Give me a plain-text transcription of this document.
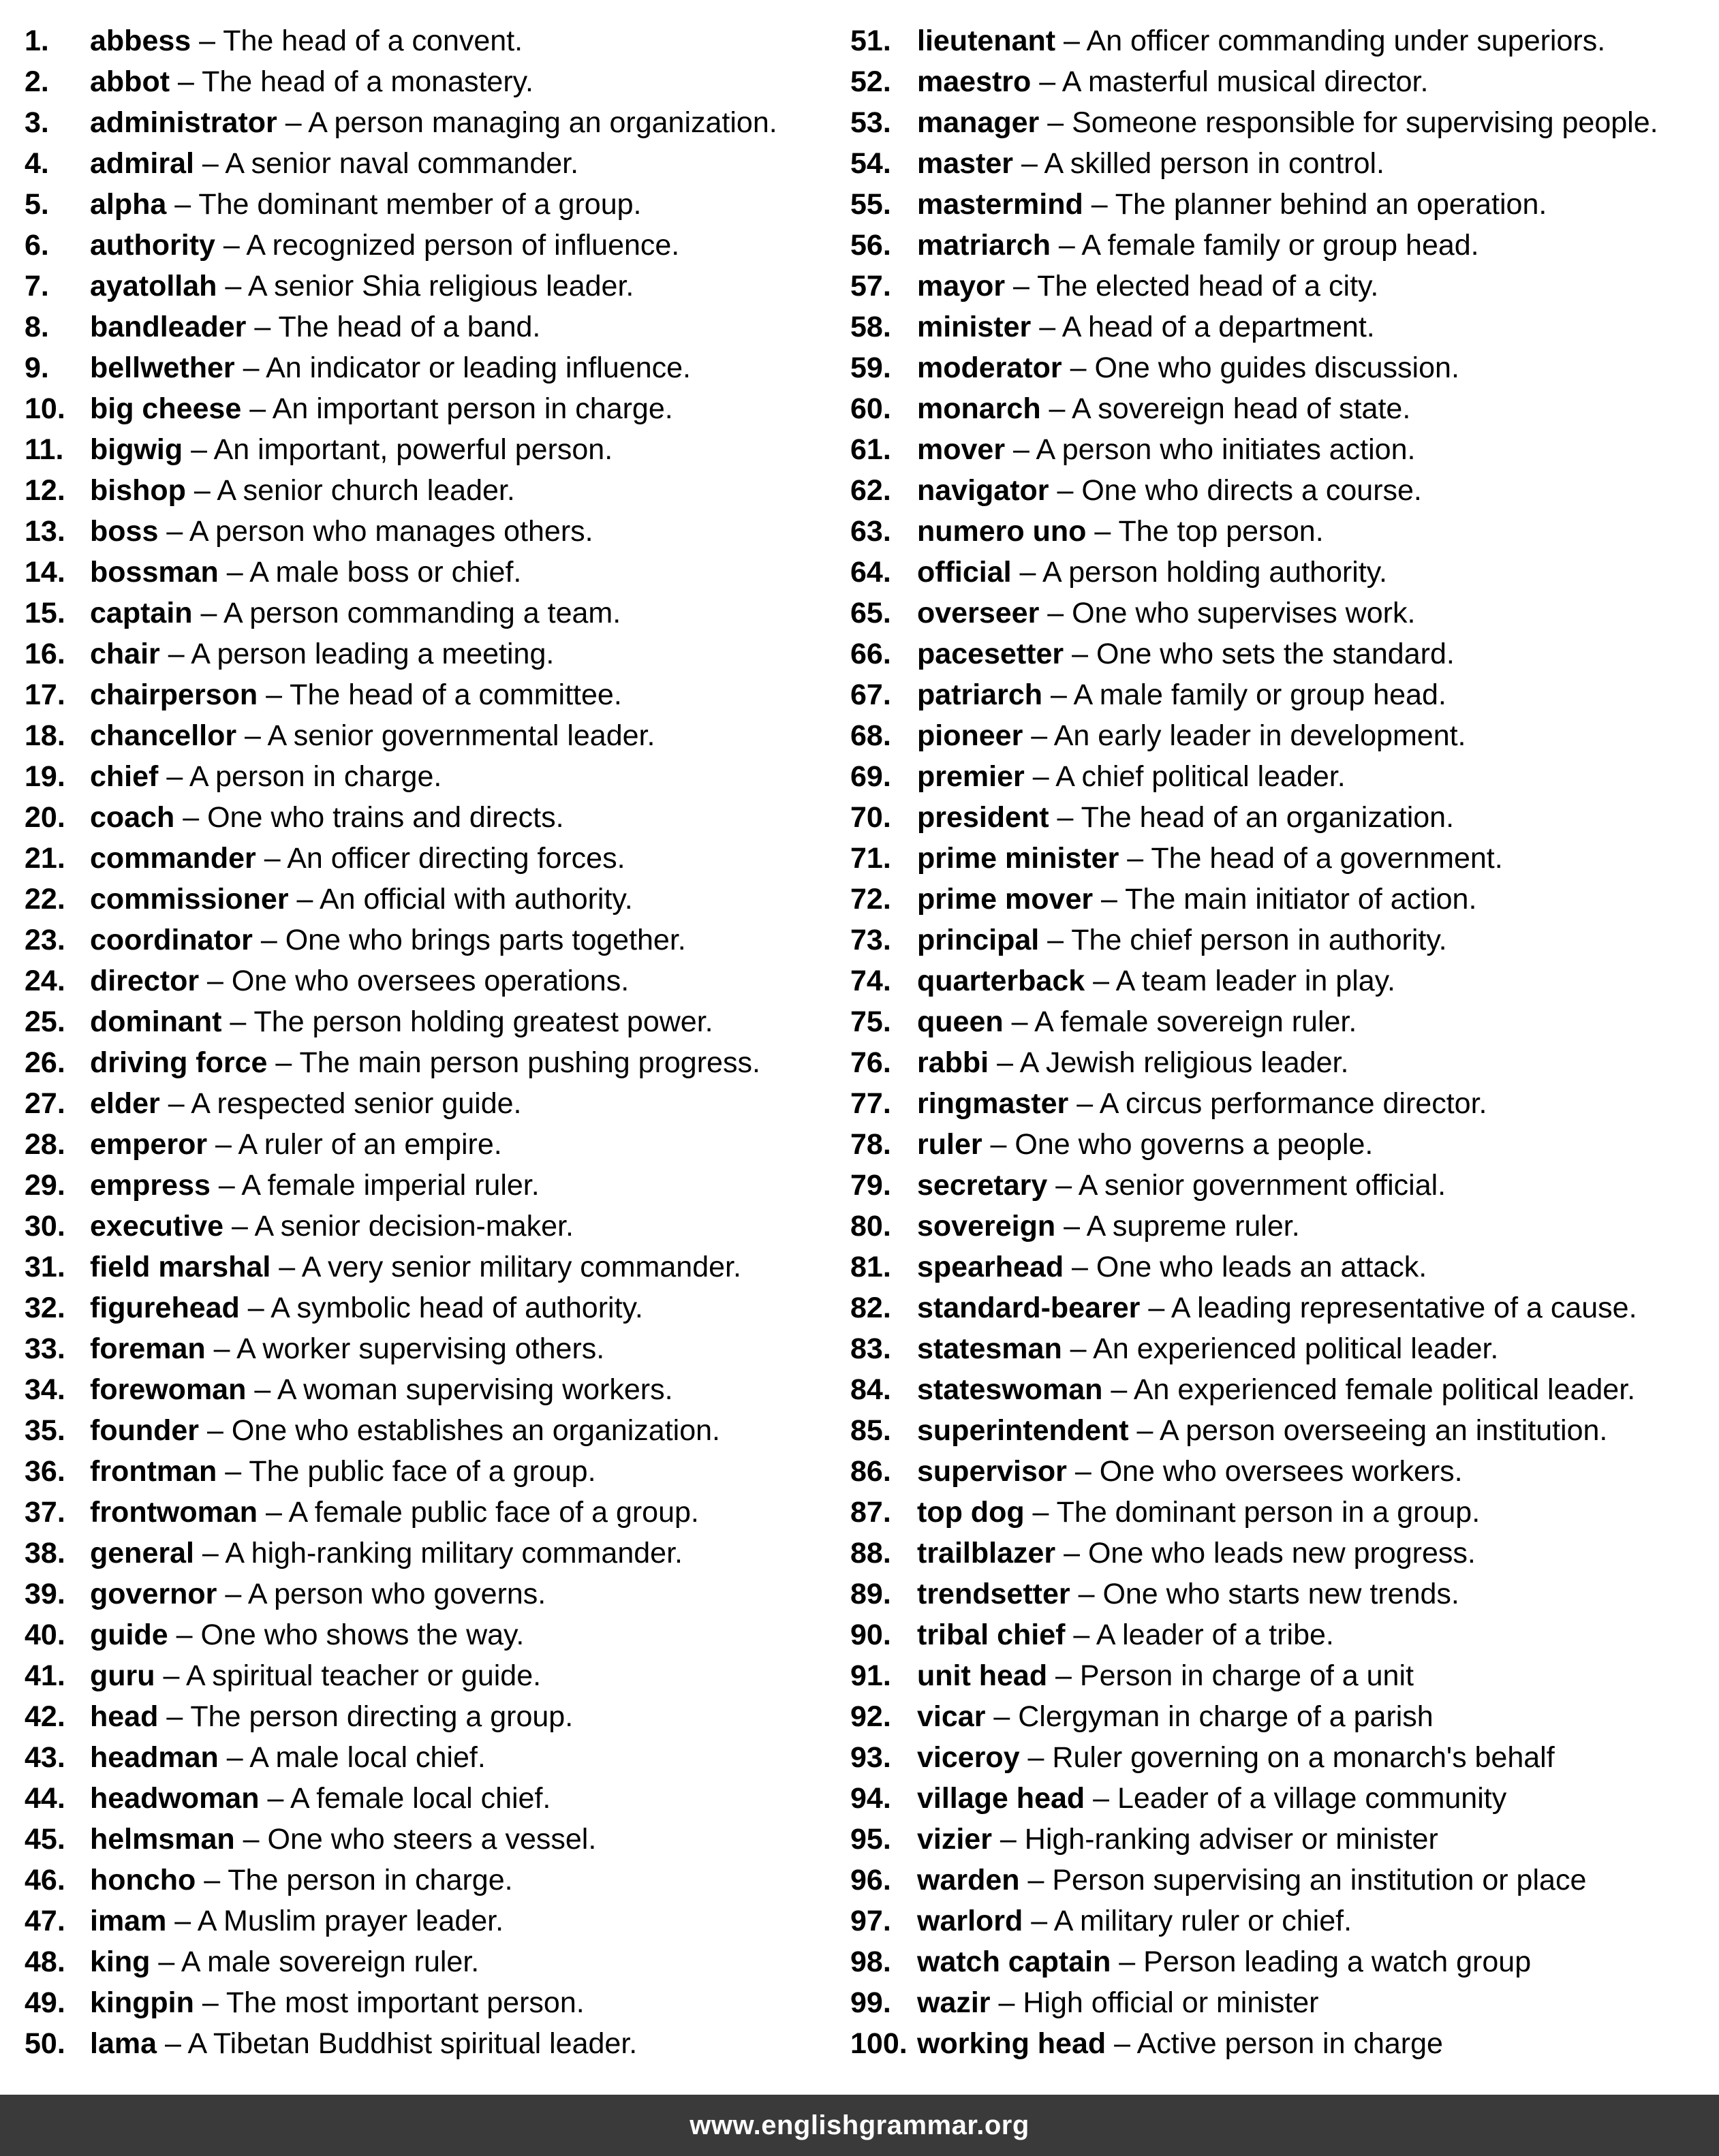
1. abbess – The head of a convent.
2. abbot – The head of a monastery.
3. administrator – A person managing an organization.
4. admiral – A senior naval commander.
5. alpha – The dominant member of a group.
6. authority – A recognized person of influence.
7. ayatollah – A senior Shia religious leader.
8. bandleader – The head of a band.
9. bellwether – An indicator or leading influence.
10. big cheese – An important person in charge.
11. bigwig – An important, powerful person.
12. bishop – A senior church leader.
13. boss – A person who manages others.
14. bossman – A male boss or chief.
15. captain – A person commanding a team.
16. chair – A person leading a meeting.
17. chairperson – The head of a committee.
18. chancellor – A senior governmental leader.
19. chief – A person in charge.
20. coach – One who trains and directs.
21. commander – An officer directing forces.
22. commissioner – An official with authority.
23. coordinator – One who brings parts together.
24. director – One who oversees operations.
25. dominant – The person holding greatest power.
26. driving force – The main person pushing progress.
27. elder – A respected senior guide.
28. emperor – A ruler of an empire.
29. empress – A female imperial ruler.
30. executive – A senior decision-maker.
31. field marshal – A very senior military commander.
32. figurehead – A symbolic head of authority.
33. foreman – A worker supervising others.
34. forewoman – A woman supervising workers.
35. founder – One who establishes an organization.
36. frontman – The public face of a group.
37. frontwoman – A female public face of a group.
38. general – A high-ranking military commander.
39. governor – A person who governs.
40. guide – One who shows the way.
41. guru – A spiritual teacher or guide.
42. head – The person directing a group.
43. headman – A male local chief.
44. headwoman – A female local chief.
45. helmsman – One who steers a vessel.
46. honcho – The person in charge.
47. imam – A Muslim prayer leader.
48. king – A male sovereign ruler.
49. kingpin – The most important person.
50. lama – A Tibetan Buddhist spiritual leader.
51. lieutenant – An officer commanding under superiors.
52. maestro – A masterful musical director.
53. manager – Someone responsible for supervising people.
54. master – A skilled person in control.
55. mastermind – The planner behind an operation.
56. matriarch – A female family or group head.
57. mayor – The elected head of a city.
58. minister – A head of a department.
59. moderator – One who guides discussion.
60. monarch – A sovereign head of state.
61. mover – A person who initiates action.
62. navigator – One who directs a course.
63. numero uno – The top person.
64. official – A person holding authority.
65. overseer – One who supervises work.
66. pacesetter – One who sets the standard.
67. patriarch – A male family or group head.
68. pioneer – An early leader in development.
69. premier – A chief political leader.
70. president – The head of an organization.
71. prime minister – The head of a government.
72. prime mover – The main initiator of action.
73. principal – The chief person in authority.
74. quarterback – A team leader in play.
75. queen – A female sovereign ruler.
76. rabbi – A Jewish religious leader.
77. ringmaster – A circus performance director.
78. ruler – One who governs a people.
79. secretary – A senior government official.
80. sovereign – A supreme ruler.
81. spearhead – One who leads an attack.
82. standard-bearer – A leading representative of a cause.
83. statesman – An experienced political leader.
84. stateswoman – An experienced female political leader.
85. superintendent – A person overseeing an institution.
86. supervisor – One who oversees workers.
87. top dog – The dominant person in a group.
88. trailblazer – One who leads new progress.
89. trendsetter – One who starts new trends.
90. tribal chief – A leader of a tribe.
91. unit head – Person in charge of a unit
92. vicar – Clergyman in charge of a parish
93. viceroy – Ruler governing on a monarch's behalf
94. village head – Leader of a village community
95. vizier – High-ranking adviser or minister
96. warden – Person supervising an institution or place
97. warlord – A military ruler or chief.
98. watch captain – Person leading a watch group
99. wazir – High official or minister
100. working head – Active person in charge
www.englishgrammar.org
